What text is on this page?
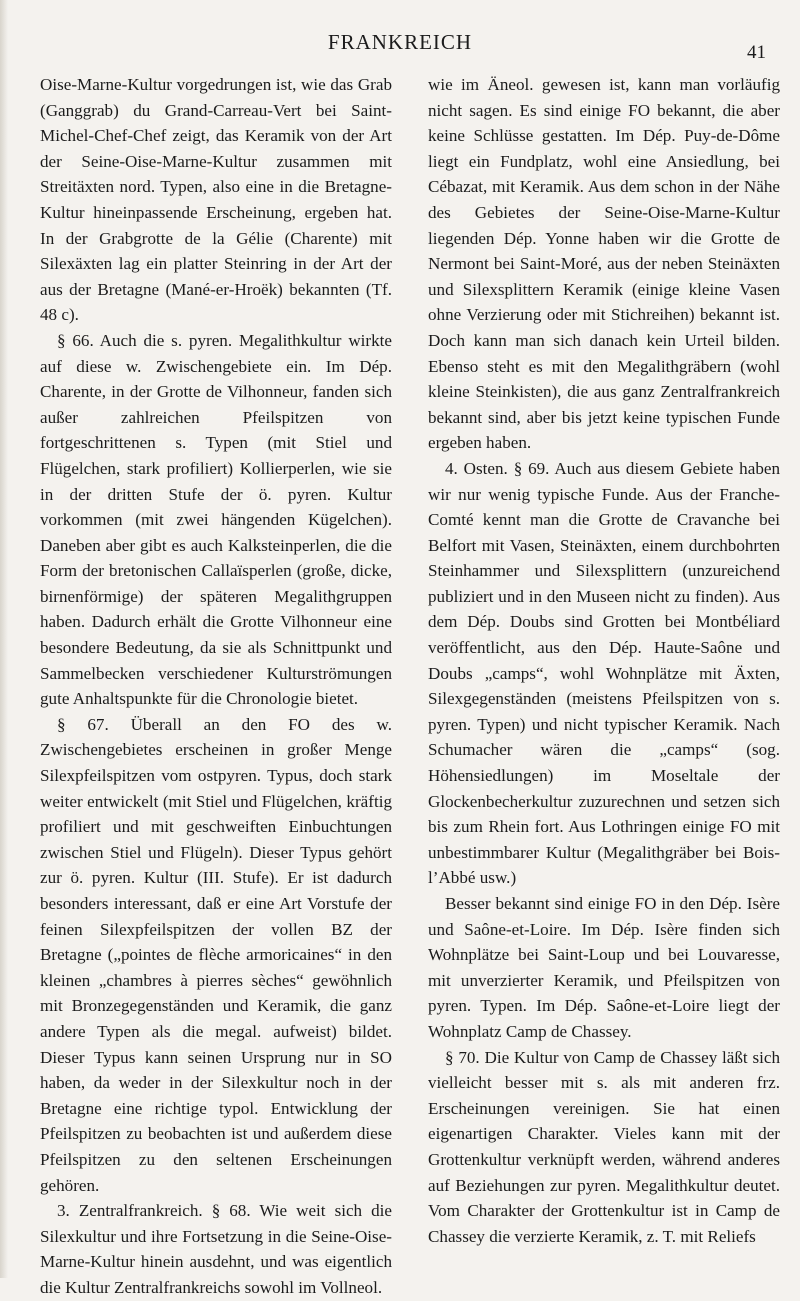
FRANKREICH	41

Oise-Marne-Kultur vorgedrungen ist, wie das Grab (Ganggrab) du Grand-Carreau-Vert bei Saint-Michel-Chef-Chef zeigt, das Keramik von der Art der Seine-Oise-Marne-Kultur zusammen mit Streitäxten nord. Typen, also eine in die Bretagne-Kultur hineinpassende Erscheinung, ergeben hat. In der Grabgrotte de la Gélie (Charente) mit Silexäxten lag ein platter Steinring in der Art der aus der Bretagne (Mané-er-Hroëk) bekannten (Tf. 48 c).

§ 66. Auch die s. pyren. Megalithkultur wirkte auf diese w. Zwischengebiete ein. Im Dép. Charente, in der Grotte de Vilhonneur, fanden sich außer zahlreichen Pfeilspitzen von fortgeschrittenen s. Typen (mit Stiel und Flügelchen, stark profiliert) Kollierperlen, wie sie in der dritten Stufe der ö. pyren. Kultur vorkommen (mit zwei hängenden Kügelchen). Daneben aber gibt es auch Kalksteinperlen, die die Form der bretonischen Callaïsperlen (große, dicke, birnenförmige) der späteren Megalithgruppen haben. Dadurch erhält die Grotte Vilhonneur eine besondere Bedeutung, da sie als Schnittpunkt und Sammelbecken verschiedener Kulturströmungen gute Anhaltspunkte für die Chronologie bietet.

§ 67. Überall an den FO des w. Zwischengebietes erscheinen in großer Menge Silexpfeilspitzen vom ostpyren. Typus, doch stark weiter entwickelt (mit Stiel und Flügelchen, kräftig profiliert und mit geschweiften Einbuchtungen zwischen Stiel und Flügeln). Dieser Typus gehört zur ö. pyren. Kultur (III. Stufe). Er ist dadurch besonders interessant, daß er eine Art Vorstufe der feinen Silexpfeilspitzen der vollen BZ der Bretagne („pointes de flèche armoricaines“ in den kleinen „chambres à pierres sèches“ gewöhnlich mit Bronzegegenständen und Keramik, die ganz andere Typen als die megal. aufweist) bildet. Dieser Typus kann seinen Ursprung nur in SO haben, da weder in der Silexkultur noch in der Bretagne eine richtige typol. Entwicklung der Pfeilspitzen zu beobachten ist und außerdem diese Pfeilspitzen zu den seltenen Erscheinungen gehören.

3. Zentralfrankreich. § 68. Wie weit sich die Silexkultur und ihre Fortsetzung in die Seine-Oise-Marne-Kultur hinein ausdehnt, und was eigentlich die Kultur Zentralfrankreichs sowohl im Vollneol.

wie im Äneol. gewesen ist, kann man vorläufig nicht sagen. Es sind einige FO bekannt, die aber keine Schlüsse gestatten. Im Dép. Puy-de-Dôme liegt ein Fundplatz, wohl eine Ansiedlung, bei Cébazat, mit Keramik. Aus dem schon in der Nähe des Gebietes der Seine-Oise-Marne-Kultur liegenden Dép. Yonne haben wir die Grotte de Nermont bei Saint-Moré, aus der neben Steinäxten und Silexsplittern Keramik (einige kleine Vasen ohne Verzierung oder mit Stichreihen) bekannt ist. Doch kann man sich danach kein Urteil bilden. Ebenso steht es mit den Megalithgräbern (wohl kleine Steinkisten), die aus ganz Zentralfrankreich bekannt sind, aber bis jetzt keine typischen Funde ergeben haben.

4. Osten. § 69. Auch aus diesem Gebiete haben wir nur wenig typische Funde. Aus der Franche-Comté kennt man die Grotte de Cravanche bei Belfort mit Vasen, Steinäxten, einem durchbohrten Steinhammer und Silexsplittern (unzureichend publiziert und in den Museen nicht zu finden). Aus dem Dép. Doubs sind Grotten bei Montbéliard veröffentlicht, aus den Dép. Haute-Saône und Doubs „camps“, wohl Wohnplätze mit Äxten, Silexgegenständen (meistens Pfeilspitzen von s. pyren. Typen) und nicht typischer Keramik. Nach Schumacher wären die „camps“ (sog. Höhensiedlungen) im Moseltale der Glockenbecherkultur zuzurechnen und setzen sich bis zum Rhein fort. Aus Lothringen einige FO mit unbestimmbarer Kultur (Megalithgräber bei Bois-l’Abbé usw.)

Besser bekannt sind einige FO in den Dép. Isère und Saône-et-Loire. Im Dép. Isère finden sich Wohnplätze bei Saint-Loup und bei Louvaresse, mit unverzierter Keramik, und Pfeilspitzen von pyren. Typen. Im Dép. Saône-et-Loire liegt der Wohnplatz Camp de Chassey.

§ 70. Die Kultur von Camp de Chassey läßt sich vielleicht besser mit s. als mit anderen frz. Erscheinungen vereinigen. Sie hat einen eigenartigen Charakter. Vieles kann mit der Grottenkultur verknüpft werden, während anderes auf Beziehungen zur pyren. Megalithkultur deutet. Vom Charakter der Grottenkultur ist in Camp de Chassey die verzierte Keramik, z. T. mit Reliefs
